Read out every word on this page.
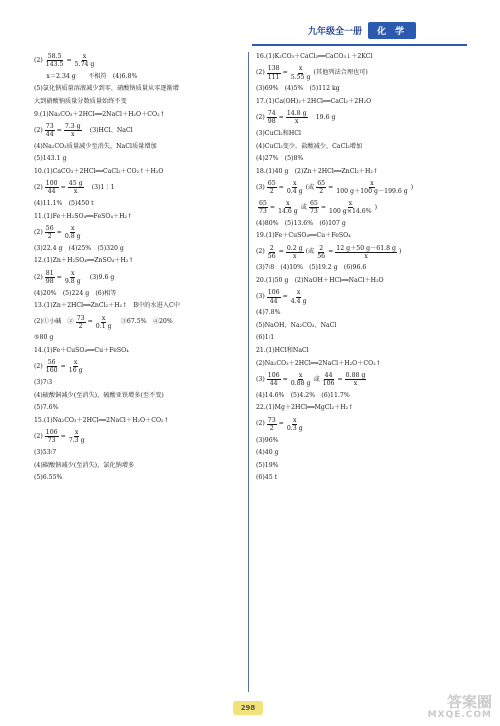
九年级全一册	化 学
$(2) \frac{58.5}{143.5} = \frac{x}{5.74 g}$
　　x＝2.34 g　　不相符　(4)6.8%
(5)氯化钠质量溶液减少到零，硝酸钠质量从零逐渐增
大到硝酸钠质量分数质量始终不变
9.(1)Na₂CO₃＋2HCl══2NaCl＋H₂O＋CO₂↑
$(2) \frac{73}{44} = \frac{7.3 g}{x}$ 　(3)HCl、NaCl
(4)Na₂CO₃质量减少至消失，NaCl质量增加
(5)143.1 g
10.(1)CaCO₃＋2HCl══CaCl₂＋CO₂↑＋H₂O
$(2) \frac{100}{44} = \frac{45 g}{x}$ 　(3)1∶1
(4)11.1%　(5)450 t
11.(1)Fe＋H₂SO₄══FeSO₄＋H₂↑
$(2) \frac{56}{2} = \frac{x}{0.8 g}$
(3)22.4 g　(4)25%　(5)320 g
12.(1)Zn＋H₂SO₄══ZnSO₄＋H₂↑
$(2) \frac{81}{98} = \frac{x}{9.8 g}$ 　(3)9.6 g
(4)20%　(5)224 g　(6)相等
13.(1)Zn＋2HCl══ZnCl₂＋H₂↑　B中的水进入C中
(2)①小碱　② $\frac{73}{2} = \frac{x}{0.1 g}$ 　③67.5%　④20%
⑤80 g
14.(1)Fe＋CuSO₄══Cu＋FeSO₄
$(2) \frac{56}{160} = \frac{x}{16 g}$
(3)7∶3
(4)硫酸铜减少(至消失)，硫酸亚铁增多(至不变)
(5)7.6%
15.(1)Na₂CO₃＋2HCl══2NaCl＋H₂O＋CO₂↑
$(2) \frac{106}{73} = \frac{x}{7.3 g}$
(3)53∶7
(4)碳酸钠减少(至消失)，氯化钠增多
(5)6.55%
16.(1)K₂CO₃＋CaCl₂══CaCO₃↓＋2KCl
$(2) \frac{138}{111} = \frac{x}{5.55 g}$ (其他列法合理也可)
(3)69%　(4)5%　(5)112 kg
17.(1)Ca(OH)₂＋2HCl══CaCl₂＋2H₂O
$(2) \frac{74}{98} = \frac{14.8 g}{x}$ 　19.6 g
(3)CuCl₂和HCl
(4)CuCl₂变少，盐酸减少，CaCl₂增加
(4)27%　(5)8%
18.(1)40 g　(2)Zn＋2HCl══ZnCl₂＋H₂↑
$(3) \frac{65}{2} = \frac{x}{0.4 g}$ (或 $\frac{65}{2} = \frac{x}{100 g+100 g-199.6 g}$ )
$\frac{65}{73} = \frac{x}{14.6 g}$ 或 $\frac{65}{73} = \frac{x}{100 g\times 14.6\%}$ )
(4)80%　(5)13.6%　(6)107 g
19.(1)Fe＋CuSO₄══Cu＋FeSO₄
$(2) \frac{2}{56} = \frac{0.2 g}{x}$ (或 $\frac{2}{56} = \frac{12 g+50 g-61.8 g}{x}$ )
(3)7∶8　(4)10%　(5)19.2 g　(6)96.6
20.(1)50 g　(2)NaOH＋HCl══NaCl＋H₂O
$(3) \frac{106}{44} = \frac{x}{4.4 g}$
(4)7.8%
(5)NaOH、Na₂CO₃、NaCl
(6)1∶1
21.(1)HCl和NaCl
(2)Na₂CO₃＋2HCl══2NaCl＋H₂O＋CO₂↑
$(3) \frac{106}{44} = \frac{x}{0.88 g}$ 或 $\frac{44}{106} = \frac{0.88 g}{x}$
(4)14.6%　(5)4.2%　(6)11.7%
22.(1)Mg＋2HCl══MgCl₂＋H₂↑
$(2) \frac{73}{2} = \frac{x}{0.3 g}$
(3)96%
(4)40 g
(5)19%
(6)45 t
298	答案圈
MXQE.COM
